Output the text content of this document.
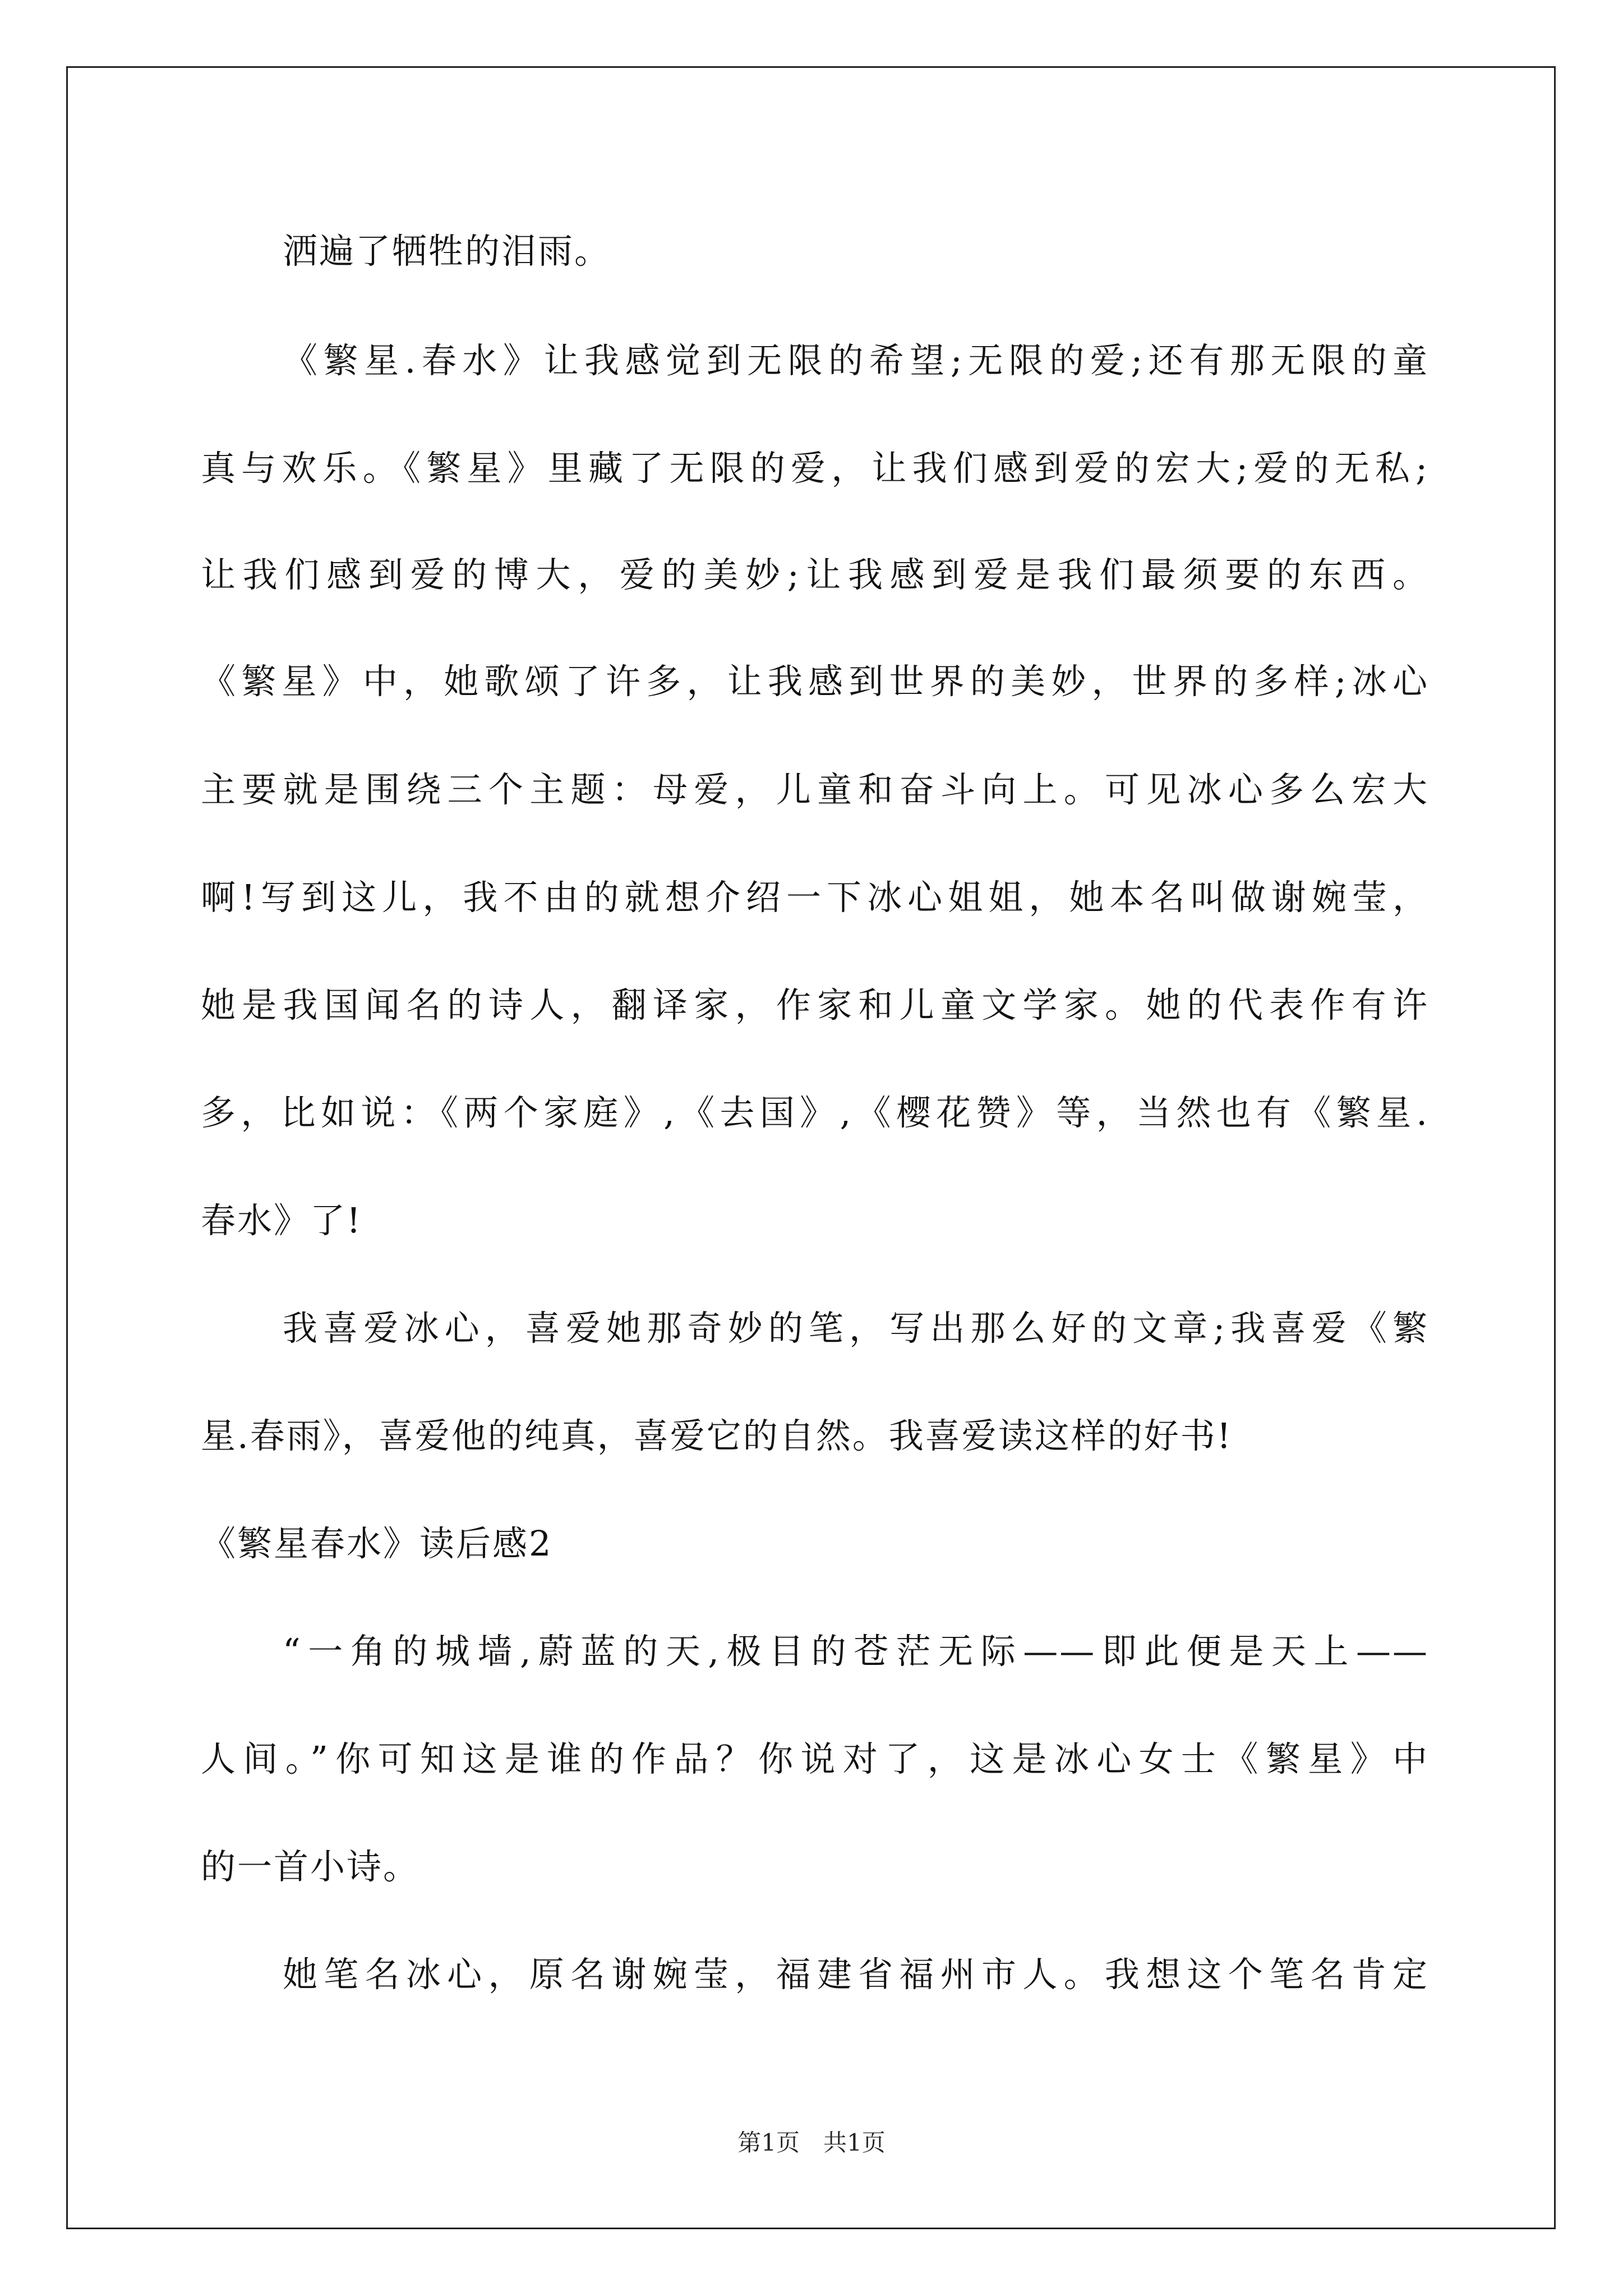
洒遍了牺牲的泪雨。
《繁星.春水》让我感觉到无限的希望;无限的爱;还有那无限的童
真与欢乐。《繁星》里藏了无限的爱，让我们感到爱的宏大;爱的无私;
让我们感到爱的博大，爱的美妙;让我感到爱是我们最须要的东西。
《繁星》中，她歌颂了许多，让我感到世界的美妙，世界的多样;冰心
主要就是围绕三个主题：母爱，儿童和奋斗向上。可见冰心多么宏大
啊!写到这儿，我不由的就想介绍一下冰心姐姐，她本名叫做谢婉莹，
她是我国闻名的诗人，翻译家，作家和儿童文学家。她的代表作有许
多，比如说：《两个家庭》,《去国》,《樱花赞》等，当然也有《繁星.
春水》了!
我喜爱冰心，喜爱她那奇妙的笔，写出那么好的文章;我喜爱《繁
星.春雨》，喜爱他的纯真，喜爱它的自然。我喜爱读这样的好书!
《繁星春水》读后感2
“一角的城墙,蔚蓝的天,极目的苍茫无际——即此便是天上——
人间。”你可知这是谁的作品？你说对了，这是冰心女士《繁星》中
的一首小诗。
她笔名冰心，原名谢婉莹，福建省福州市人。我想这个笔名肯定
第1页　共1页
